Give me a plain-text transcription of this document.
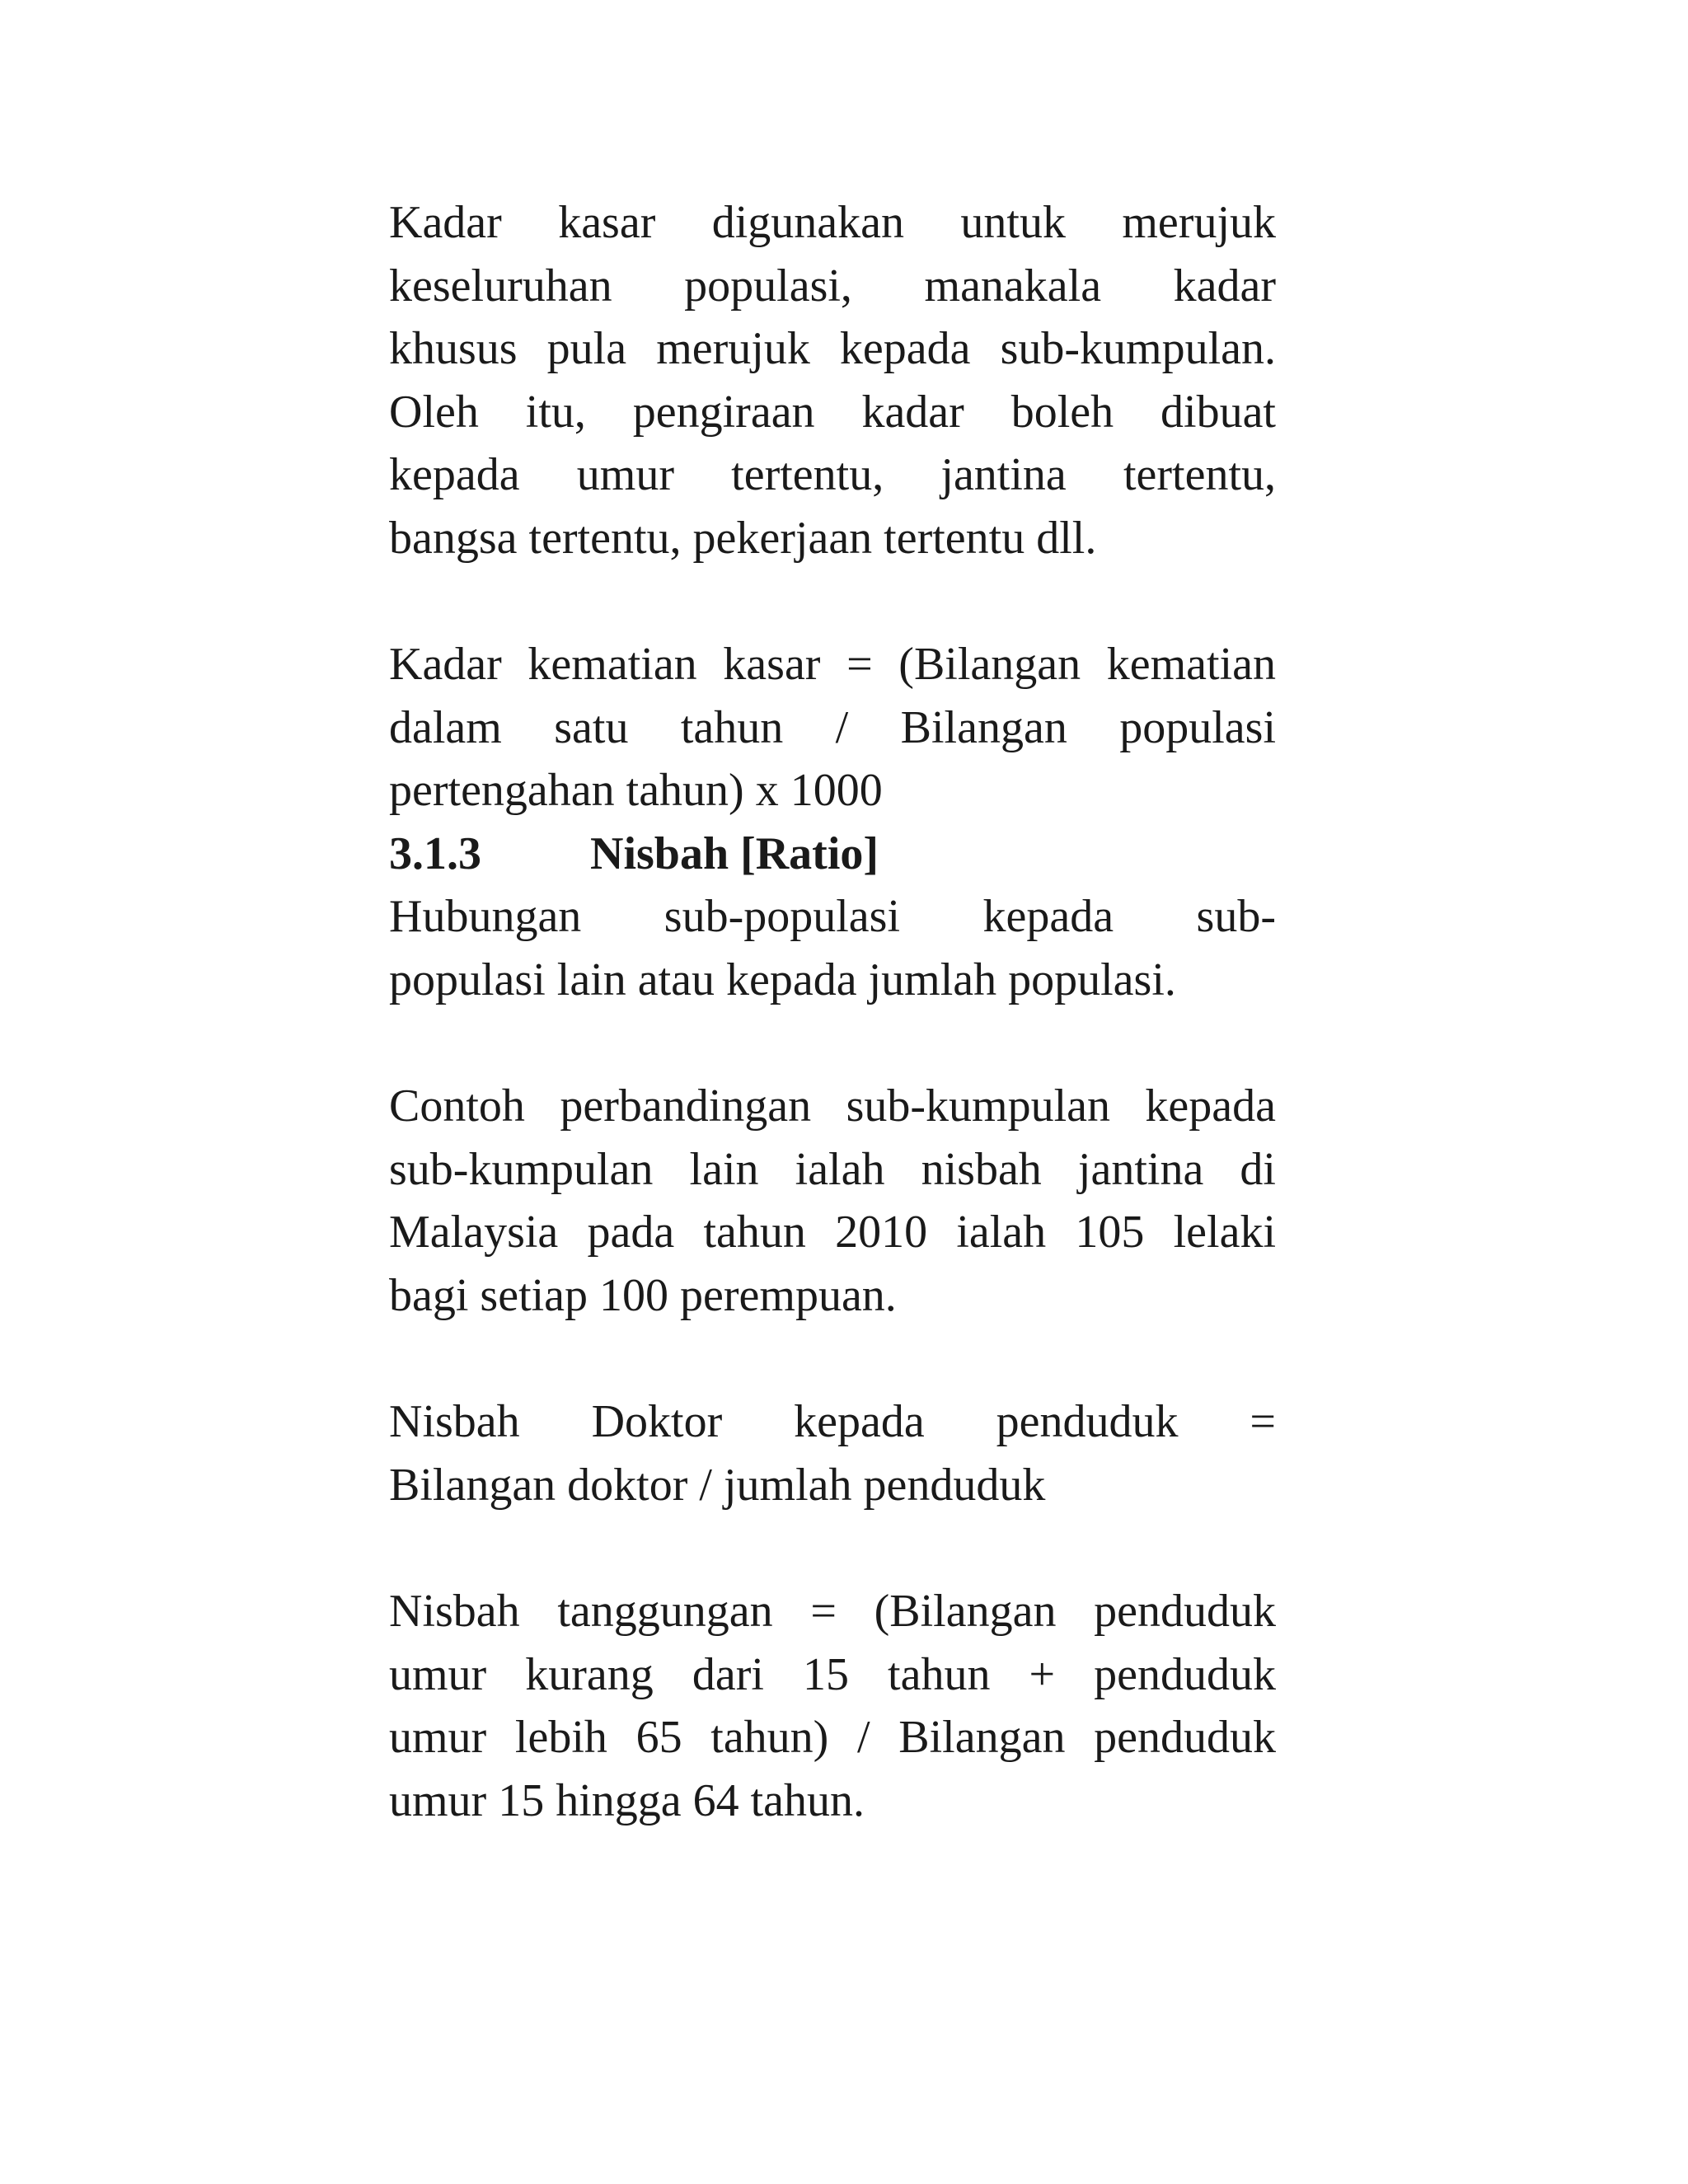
Kadar kasar digunakan untuk merujuk
keseluruhan populasi, manakala kadar
khusus pula merujuk kepada sub-kumpulan.
Oleh itu, pengiraan kadar boleh dibuat
kepada umur tertentu, jantina tertentu,
bangsa tertentu, pekerjaan tertentu dll.

Kadar kematian kasar = (Bilangan kematian
dalam satu tahun / Bilangan populasi
pertengahan tahun) x 1000

3.1.3	Nisbah [Ratio]

Hubungan sub-populasi kepada sub-
populasi lain atau kepada jumlah populasi.

Contoh perbandingan sub-kumpulan kepada
sub-kumpulan lain ialah nisbah jantina di
Malaysia pada tahun 2010 ialah 105 lelaki
bagi setiap 100 perempuan.

Nisbah Doktor kepada penduduk =
Bilangan doktor / jumlah penduduk

Nisbah tanggungan = (Bilangan penduduk
umur kurang dari 15 tahun + penduduk
umur lebih 65 tahun) / Bilangan penduduk
umur 15 hingga 64 tahun.
